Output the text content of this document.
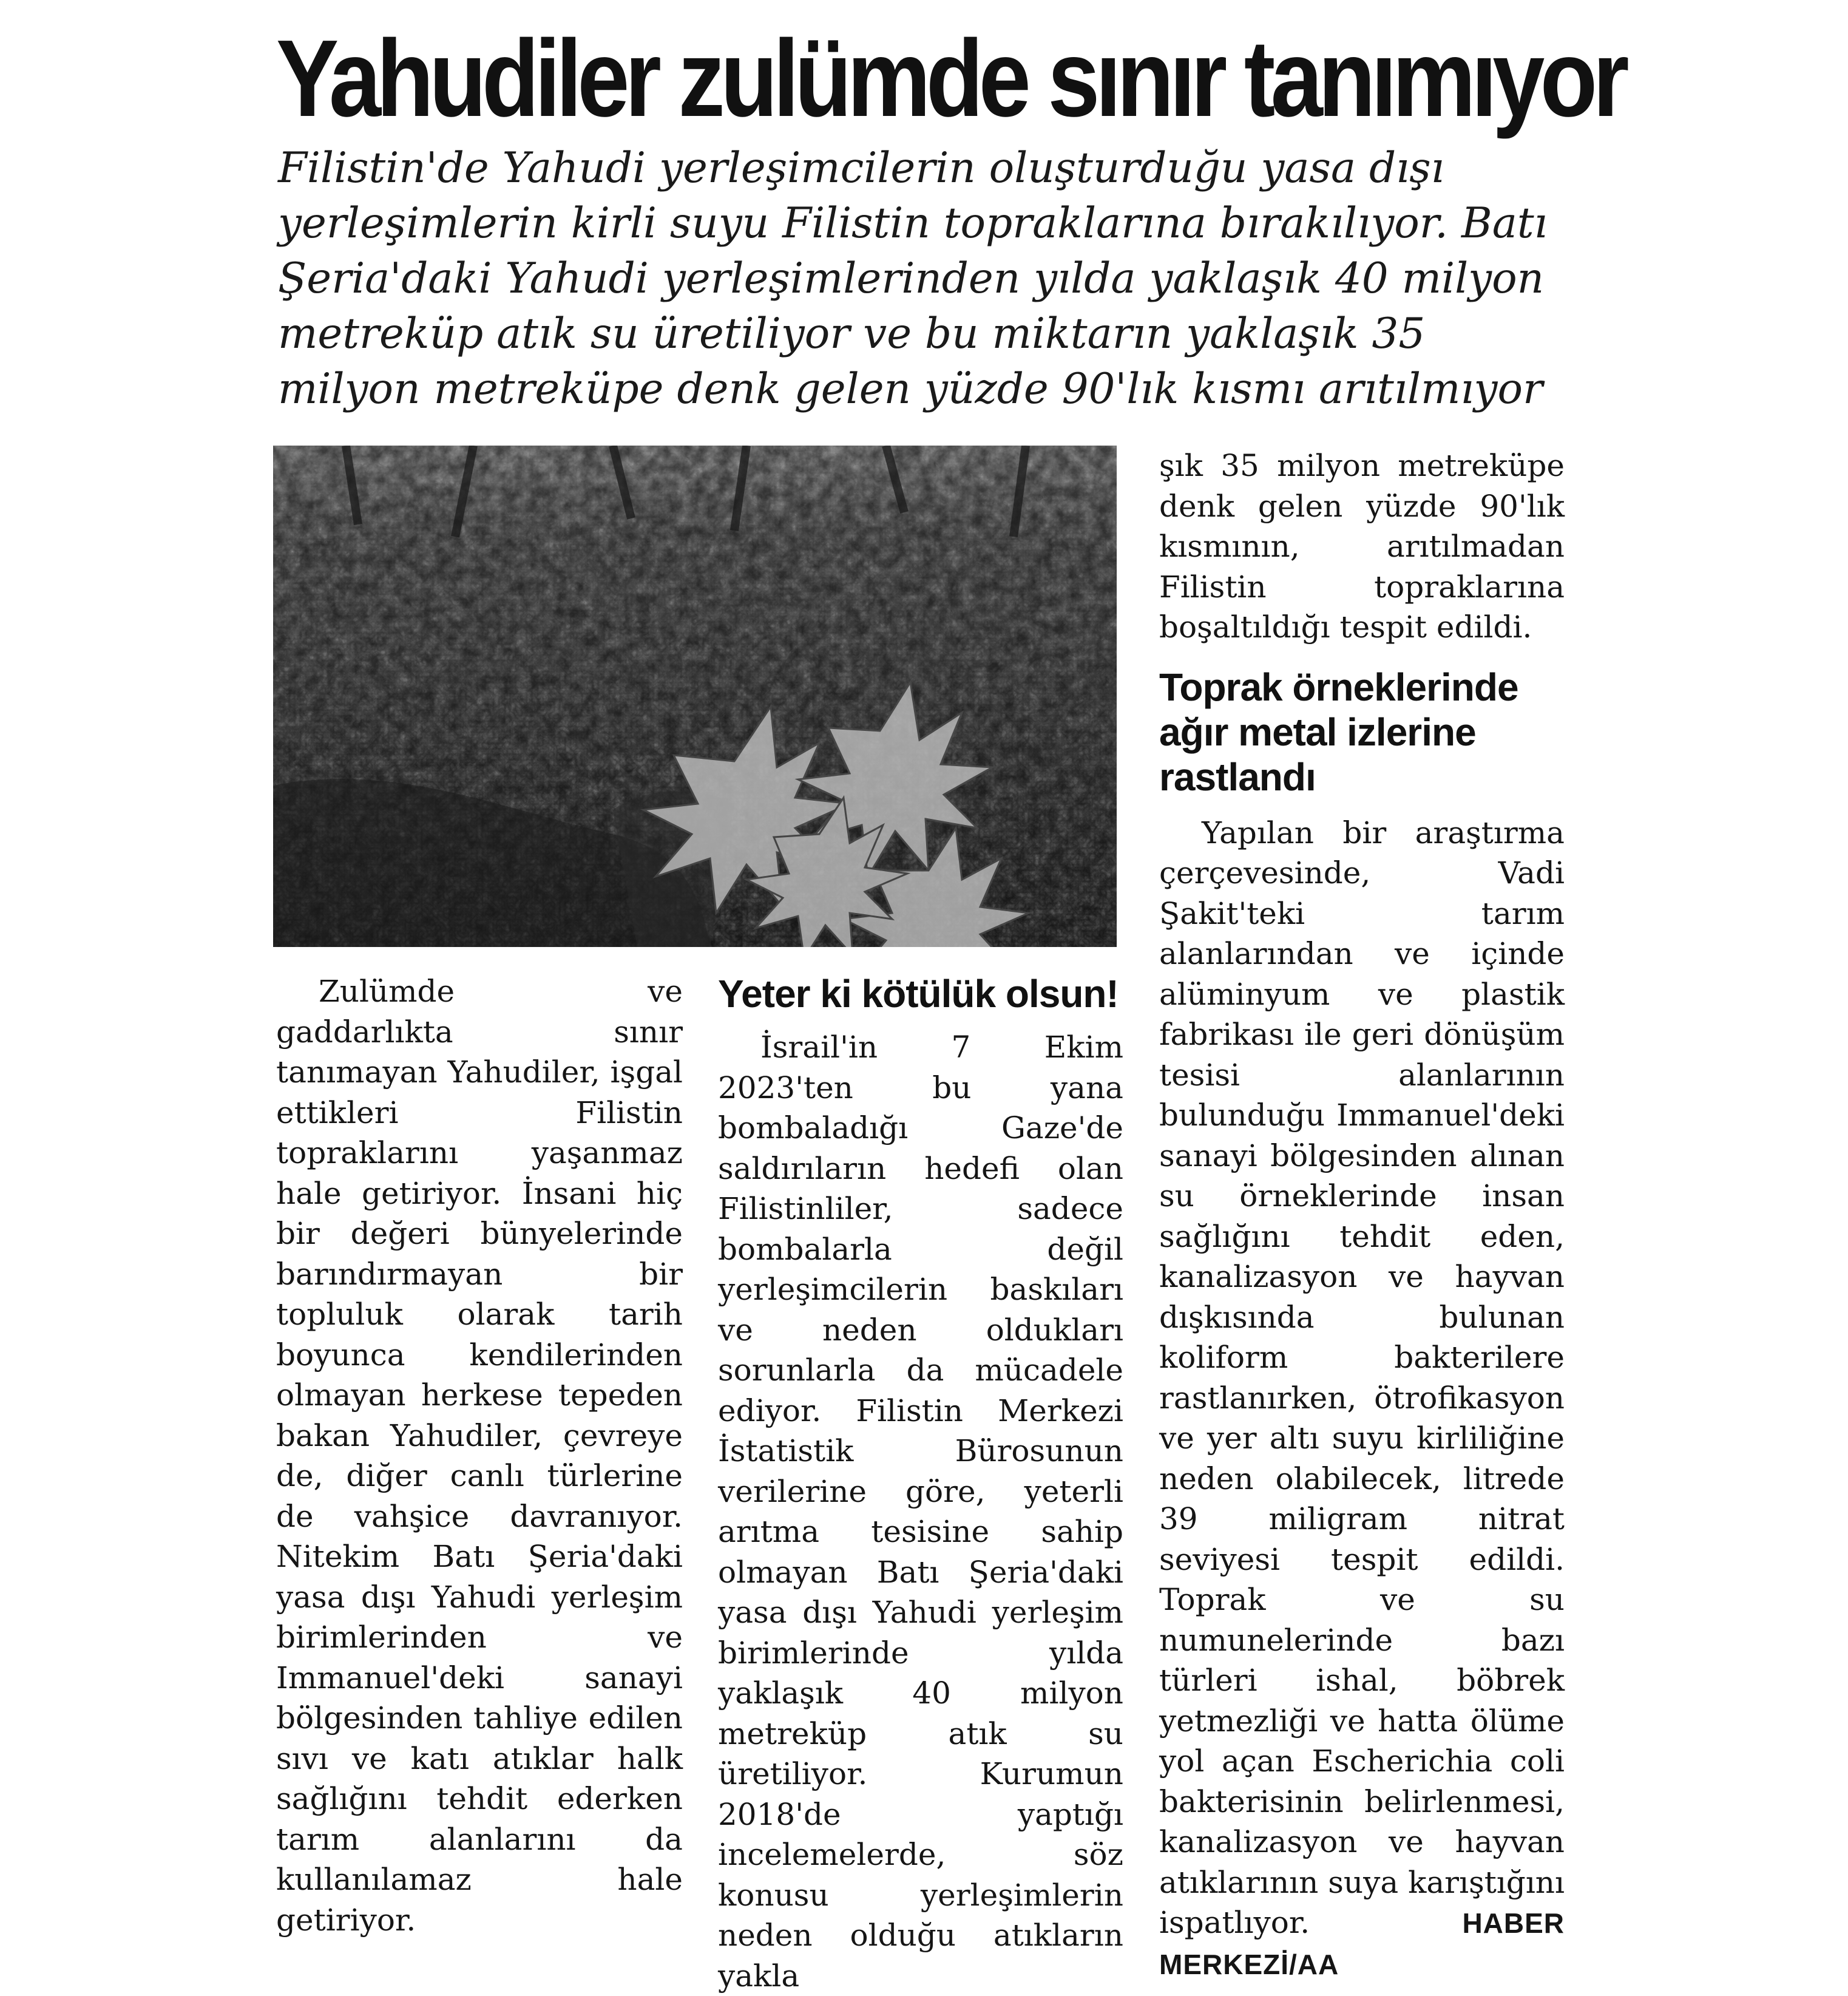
Yahudiler zulümde sınır tanımıyor

Filistin'de Yahudi yerleşimcilerin oluşturduğu yasa dışı yerleşimlerin kirli suyu Filistin topraklarına bırakılıyor. Batı Şeria'daki Yahudi yerleşimlerinden yılda yaklaşık 40 milyon metreküp atık su üretiliyor ve bu miktarın yaklaşık 35 milyon metreküpe denk gelen yüzde 90'lık kısmı arıtılmıyor

Zulümde ve gaddarlıkta sınır tanımayan Yahudiler, işgal ettikleri Filistin topraklarını yaşanmaz hale getiriyor. İnsani hiç bir değeri bünyelerinde barındırmayan bir topluluk olarak tarih boyunca kendilerinden olmayan herkese tepeden bakan Yahudiler, çevreye de, diğer canlı türlerine de vahşice davranıyor. Nitekim Batı Şeria'daki yasa dışı Yahudi yerleşim birimlerinden ve Immanuel'deki sanayi bölgesinden tahliye edilen sıvı ve katı atıklar halk sağlığını tehdit ederken tarım alanlarını da kullanılamaz hale getiriyor.

Yeter ki kötülük olsun!

İsrail'in 7 Ekim 2023'ten bu yana bombaladığı Gaze'de saldırıların hedefi olan Filistinliler, sadece bombalarla değil yerleşimcilerin baskıları ve neden oldukları sorunlarla da mücadele ediyor. Filistin Merkezi İstatistik Bürosunun verilerine göre, yeterli arıtma tesisine sahip olmayan Batı Şeria'daki yasa dışı Yahudi yerleşim birimlerinde yılda yaklaşık 40 milyon metreküp atık su üretiliyor. Kurumun 2018'de yaptığı incelemelerde, söz konusu yerleşimlerin neden olduğu atıkların yakla

şık 35 milyon metreküpe denk gelen yüzde 90'lık kısmının, arıtılmadan Filistin topraklarına boşaltıldığı tespit edildi.

Toprak örneklerinde ağır metal izlerine rastlandı

Yapılan bir araştırma çerçevesinde, Vadi Şakit'teki tarım alanlarından ve içinde alüminyum ve plastik fabrikası ile geri dönüşüm tesisi alanlarının bulunduğu Immanuel'deki sanayi bölgesinden alınan su örneklerinde insan sağlığını tehdit eden, kanalizasyon ve hayvan dışkısında bulunan koliform bakterilere rastlanırken, ötrofikasyon ve yer altı suyu kirliliğine neden olabilecek, litrede 39 miligram nitrat seviyesi tespit edildi. Toprak ve su numunelerinde bazı türleri ishal, böbrek yetmezliği ve hatta ölüme yol açan Escherichia coli bakterisinin belirlenmesi, kanalizasyon ve hayvan atıklarının suya karıştığını ispatlıyor.	HABER MERKEZİ/AA
